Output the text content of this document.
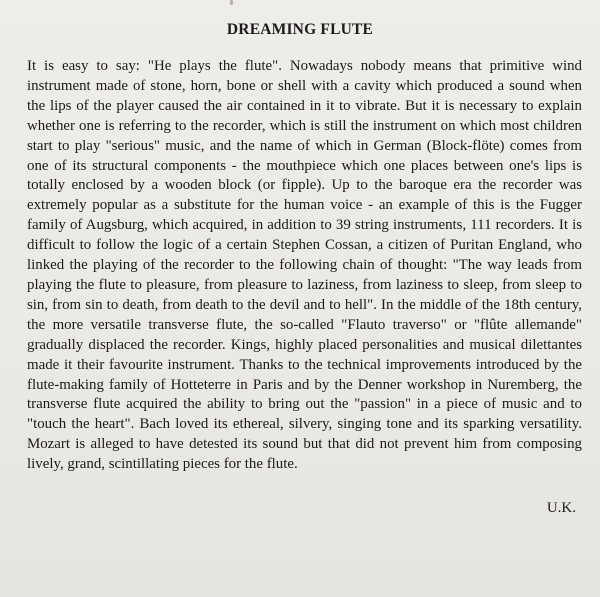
DREAMING FLUTE

It is easy to say: "He plays the flute". Nowadays nobody means that primitive wind instrument made of stone, horn, bone or shell with a cavity which produced a sound when the lips of the player caused the air contained in it to vibrate. But it is necessary to explain whether one is referring to the recorder, which is still the instrument on which most children start to play "serious" music, and the name of which in German (Block-flöte) comes from one of its structural components - the mouthpiece which one places between one's lips is totally enclosed by a wooden block (or fipple). Up to the baroque era the recorder was extremely popular as a substitute for the human voice - an example of this is the Fugger family of Augsburg, which acquired, in addition to 39 string instruments, 111 recorders. It is difficult to follow the logic of a certain Stephen Cossan, a citizen of Puritan England, who linked the playing of the recorder to the following chain of thought: "The way leads from playing the flute to pleasure, from pleasure to laziness, from laziness to sleep, from sleep to sin, from sin to death, from death to the devil and to hell". In the middle of the 18th century, the more versatile transverse flute, the so-called "Flauto traverso" or "flûte allemande" gradually displaced the recorder. Kings, highly placed personalities and musical dilettantes made it their favourite instrument. Thanks to the technical improvements introduced by the flute-making family of Hotteterre in Paris and by the Denner workshop in Nuremberg, the transverse flute acquired the ability to bring out the "passion" in a piece of music and to "touch the heart". Bach loved its ethereal, silvery, singing tone and its sparking versatility. Mozart is alleged to have detested its sound but that did not prevent him from composing lively, grand, scintillating pieces for the flute.

U.K.
